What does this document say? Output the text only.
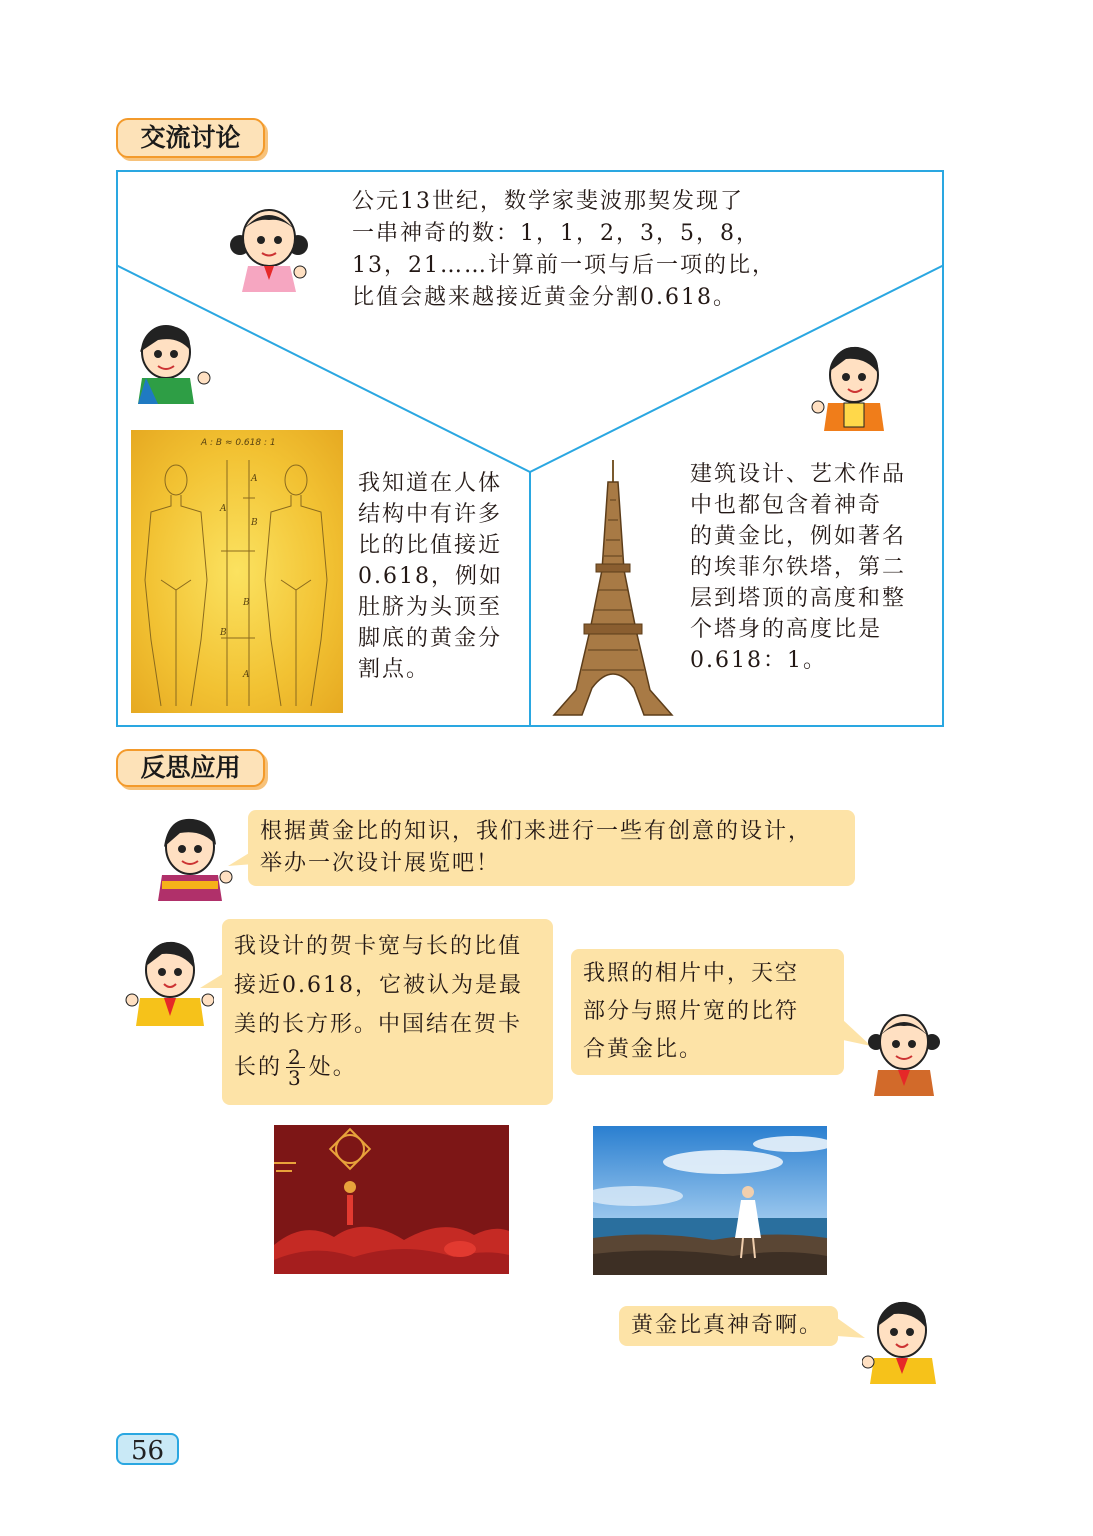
交流讨论
公元13世纪，数学家斐波那契发现了
一串神奇的数：1，1，2，3，5，8，
13，21……计算前一项与后一项的比，
比值会越来越接近黄金分割0.618。
A : B ≈ 0.618 : 1
A
A
B
B
B
A
我知道在人体
结构中有许多
比的比值接近
0.618，例如
肚脐为头顶至
脚底的黄金分
割点。
建筑设计、艺术作品
中也都包含着神奇
的黄金比，例如著名
的埃菲尔铁塔，第二
层到塔顶的高度和整
个塔身的高度比是
0.618：1。
反思应用
根据黄金比的知识，我们来进行一些有创意的设计，
举办一次设计展览吧！
我设计的贺卡宽与长的比值
接近0.618，它被认为是最
美的长方形。中国结在贺卡
长的 2
3 处。
我照的相片中，天空
部分与照片宽的比符
合黄金比。
黄金比真神奇啊。
56
